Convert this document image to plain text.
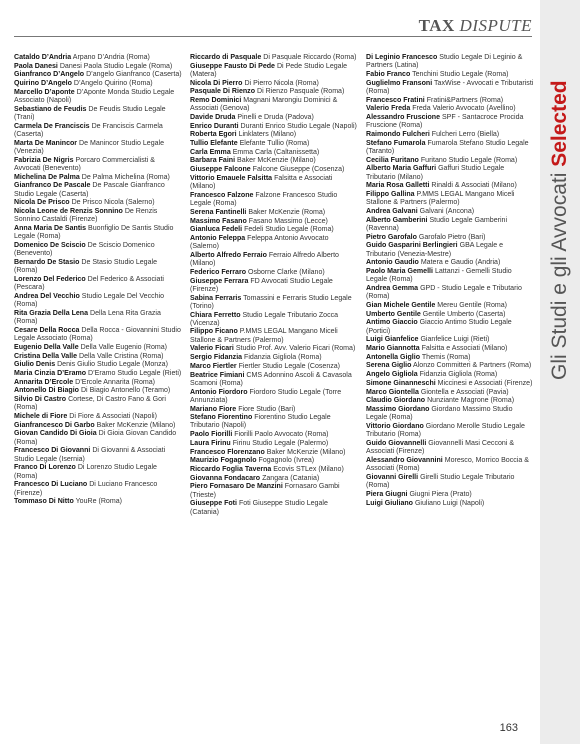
TAX DISPUTE
Gli Studi e gli Avvocati Selected
Cataldo D’Andria Arpano D’Andria (Roma)
Paola Danesi Danesi Paola Studio Legale (Roma)
Gianfranco D’Angelo D’angelo Gianfranco (Caserta)
Quirino D’Angelo D’Angelo Quirino (Roma)
Marcello D’aponte D’Aponte Monda Studio Legale Associato (Napoli)
Sebastiano de Feudis De Feudis Studio Legale (Trani)
Carmela De Franciscis De Franciscis Carmela (Caserta)
Marta De Manincor De Manincor Studio Legale (Venezia)
Fabrizia De Nigris Porcaro Commercialisti & Avvocati (Benevento)
Michelina De Palma De Palma Michelina (Roma)
Gianfranco De Pascale De Pascale Gianfranco Studio Legale (Caserta)
Nicola De Prisco De Prisco Nicola (Salerno)
Nicola Leone de Renzis Sonnino De Renzis Sonnino Castaldi (Firenze)
Anna Maria De Santis Buonfiglio De Santis Studio Legale (Roma)
Domenico De Sciscio De Sciscio Domenico (Benevento)
Bernardo De Stasio De Stasio Studio Legale (Roma)
Lorenzo Del Federico Del Federico & Associati (Pescara)
Andrea Del Vecchio Studio Legale Del Vecchio (Roma)
Rita Grazia Della Lena Della Lena Rita Grazia (Roma)
Cesare Della Rocca Della Rocca - Giovannini Studio Legale Associato (Roma)
Eugenio Della Valle Della Valle Eugenio (Roma)
Cristina Della Valle Della Valle Cristina (Roma)
Giulio Denis Denis Giulio Studio Legale (Monza)
Maria Cinzia D’Eramo D’Eramo Studio Legale (Rieti)
Annarita D’Ercole D’Ercole Annarita (Roma)
Antonello Di Biagio Di Biagio Antonello (Teramo)
Silvio Di Castro Cortese, Di Castro Fano & Gori (Roma)
Michele di Fiore Di Fiore & Associati (Napoli)
Gianfrancesco Di Garbo Baker McKenzie (Milano)
Giovan Candido Di Gioia Di Gioia Giovan Candido (Roma)
Francesco Di Giovanni Di Giovanni & Associati Studio Legale (Isernia)
Franco Di Lorenzo Di Lorenzo Studio Legale (Roma)
Francesco Di Luciano Di Luciano Francesco (Firenze)
Tommaso Di Nitto YouRe (Roma)
Riccardo di Pasquale Di Pasquale Riccardo (Roma)
Giuseppe Fausto Di Pede Di Pede Studio Legale (Matera)
Nicola Di Pierro Di Pierro Nicola (Roma)
Pasquale Di Rienzo Di Rienzo Pasquale (Roma)
Remo Dominici Magnani Marongiu Dominici & Associati (Genova)
Davide Druda Pinelli e Druda (Padova)
Enrico Duranti Duranti Enrico Studio Legale (Napoli)
Roberta Egori Linklaters (Milano)
Tullio Elefante Elefante Tullio (Roma)
Carla Emma Emma Carla (Caltanissetta)
Barbara Faini Baker McKenzie (Milano)
Giuseppe Falcone Falcone Giuseppe (Cosenza)
Vittorio Emauele Falsitta Falsitta e Associati (Milano)
Francesco Falzone Falzone Francesco Studio Legale (Roma)
Serena Fantinelli Baker McKenzie (Roma)
Massimo Fasano Fasano Massimo (Lecce)
Gianluca Fedeli Fedeli Studio Legale (Roma)
Antonio Feleppa Feleppa Antonio Avvocato (Salerno)
Alberto Alfredo Ferraio Ferraio Alfredo Alberto (Milano)
Federico Ferraro Osborne Clarke (Milano)
Giuseppe Ferrara FD Avvocati Studio Legale (Firenze)
Sabina Ferraris Tomassini e Ferraris Studio Legale (Torino)
Chiara Ferretto Studio Legale Tributario Zocca (Vicenza)
Filippo Ficano P.MMS LEGAL Mangano Miceli Stallone & Partners (Palermo)
Valerio Ficari Studio Prof. Avv. Valerio Ficari (Roma)
Sergio Fidanzia Fidanzia Gigliola (Roma)
Marco Fiertler Fiertler Studio Legale (Cosenza)
Beatrice Fimiani CMS Adonnino Ascoli & Cavasola Scamoni (Roma)
Antonio Fiordoro Fiordoro Studio Legale (Torre Annunziata)
Mariano Fiore Fiore Studio (Bari)
Stefano Fiorentino Fiorentino Studio Legale Tributario (Napoli)
Paolo Fiorilli Fiorilli Paolo Avvocato (Roma)
Laura Firinu Firinu Studio Legale (Palermo)
Francesco Florenzano Baker McKenzie (Milano)
Maurizio Fogagnolo Fogagnolo (Ivrea)
Riccardo Foglia Taverna Ecovis STLex (Milano)
Giovanna Fondacaro Zangara (Catania)
Piero Fornasaro De Manzini Fornasaro Gambi (Trieste)
Giuseppe Foti Foti Giuseppe Studio Legale (Catania)
Di Leginio Francesco Studio Legale Di Leginio & Partners (Latina)
Fabio Franco Tenchini Studio Legale (Roma)
Guglielmo Fransoni TaxWise - Avvocati e Tributaristi (Roma)
Francesco Fratini Fratini&Partners (Roma)
Valerio Freda Freda Valerio Avvocato (Avellino)
Alessandro Fruscione SPF - Santacroce Procida Fruscione (Roma)
Raimondo Fulcheri Fulcheri Lerro (Biella)
Stefano Fumarola Fumarola Stefano Studio Legale (Taranto)
Cecilia Furitano Furitano Studio Legale (Roma)
Alberto Maria Gaffuri Gaffuri Studio Legale Tributario (Milano)
Maria Rosa Galletti Rinaldi & Associati (Milano)
Filippo Gallina P.MMS LEGAL Mangano Miceli Stallone & Partners (Palermo)
Andrea Galvani Galvani (Ancona)
Alberto Gamberini Studio Legale Gamberini (Ravenna)
Pietro Garofalo Garofalo Pietro (Bari)
Guido Gasparini Berlingieri GBA Legale e Tributario (Venezia-Mestre)
Antonio Gaudio Matera e Gaudio (Andria)
Paolo Maria Gemelli Lattanzi - Gemelli Studio Legale (Roma)
Andrea Gemma GPD - Studio Legale e Tributario (Roma)
Gian Michele Gentile Mereu Gentile (Roma)
Umberto Gentile Gentile Umberto (Caserta)
Antimo Giaccio Giaccio Antimo Studio Legale (Portici)
Luigi Gianfelice Gianfelice Luigi (Rieti)
Mario Giannotta Falsitta e Associati (Milano)
Antonella Giglio Themis (Roma)
Serena Giglio Alonzo Committeri & Partners (Roma)
Angelo Gigliola Fidanzia Gigliola (Roma)
Simone Ginanneschi Miccinesi e Associati (Firenze)
Marco Giontella Giontella e Associati (Pavia)
Claudio Giordano Nunziante Magrone (Roma)
Massimo Giordano Giordano Massimo Studio Legale (Roma)
Vittorio Giordano Giordano Merolle Studio Legale Tributario (Roma)
Guido Giovannelli Giovannelli Masi Cecconi & Associati (Firenze)
Alessandro Giovannini Moresco, Morrico Boccia & Associati (Roma)
Giovanni Girelli Girelli Studio Legale Tributario (Roma)
Piera Giugni Giugni Piera (Prato)
Luigi Giuliano Giuliano Luigi (Napoli)
163
